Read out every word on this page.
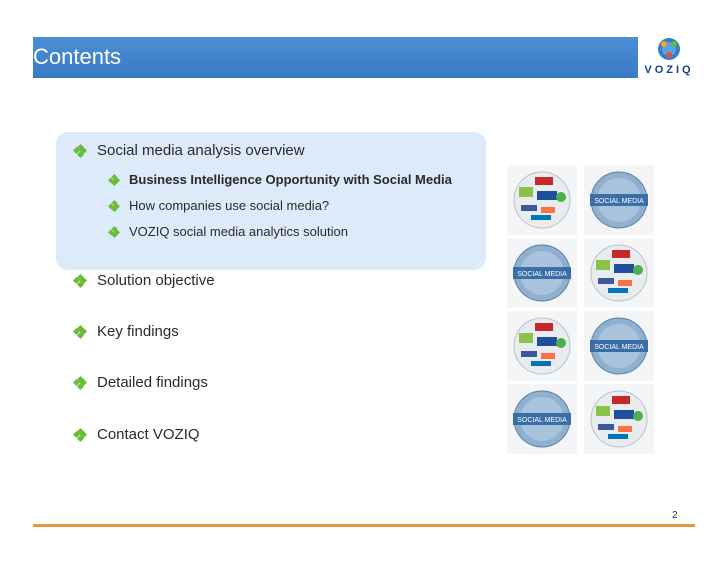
Contents
VOZIQ
Social media analysis overview
Business Intelligence Opportunity with Social Media
How companies use social media?
VOZIQ social media analytics solution
Solution objective
Key findings
Detailed findings
Contact VOZIQ
SOCIAL MEDIA
SOCIAL MEDIA
SOCIAL MEDIA
SOCIAL MEDIA
2
